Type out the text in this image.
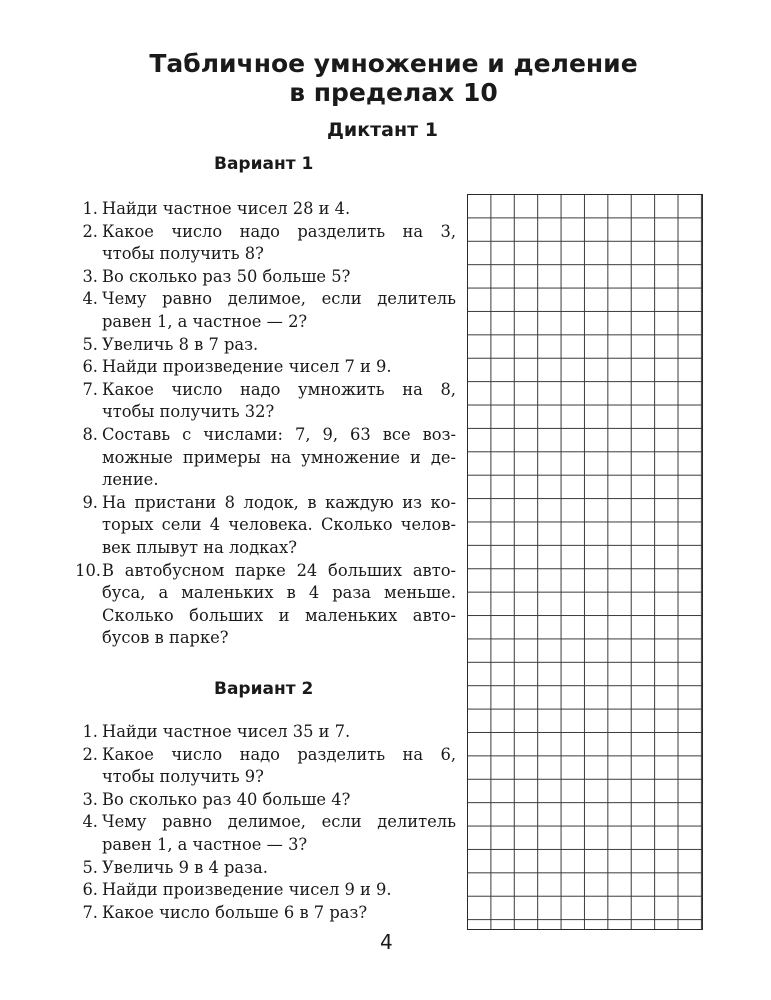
Табличное умножение и деление
в пределах 10
Диктант 1
Вариант 1
1. Найди частное чисел 28 и 4.
2. Какое число надо разделить на 3,
чтобы получить 8?
3. Во сколько раз 50 больше 5?
4. Чему равно делимое, если делитель
равен 1, а частное — 2?
5. Увеличь 8 в 7 раз.
6. Найди произведение чисел 7 и 9.
7. Какое число надо умножить на 8,
чтобы получить 32?
8. Составь с числами: 7, 9, 63 все воз-
можные примеры на умножение и де-
ление.
9. На пристани 8 лодок, в каждую из ко-
торых сели 4 человека. Сколько челов-
век плывут на лодках?
10. В автобусном парке 24 больших авто-
буса, а маленьких в 4 раза меньше.
Сколько больших и маленьких авто-
бусов в парке?
Вариант 2
1. Найди частное чисел 35 и 7.
2. Какое число надо разделить на 6,
чтобы получить 9?
3. Во сколько раз 40 больше 4?
4. Чему равно делимое, если делитель
равен 1, а частное — 3?
5. Увеличь 9 в 4 раза.
6. Найди произведение чисел 9 и 9.
7. Какое число больше 6 в 7 раз?
4
